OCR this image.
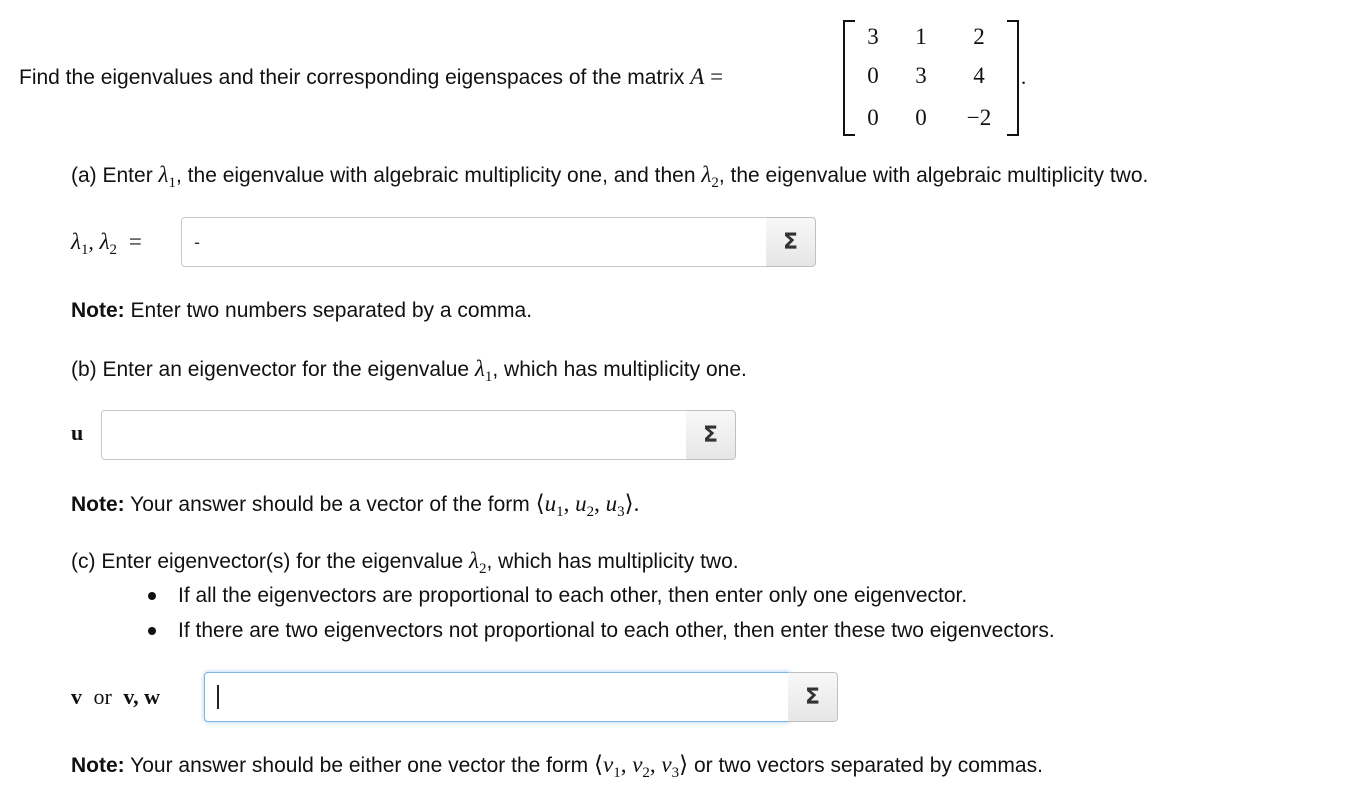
Find the eigenvalues and their corresponding eigenspaces of the matrix A =
3	1	2
0	3	4
0	0	−2
.
(a) Enter $\lambda_1$, the eigenvalue with algebraic multiplicity one, and then $\lambda_2$, the eigenvalue with algebraic multiplicity two.
$\lambda_1$, $\lambda_2$ =	-	Σ
Note: Enter two numbers separated by a comma.
(b) Enter an eigenvector for the eigenvalue $\lambda_1$, which has multiplicity one.
u	Σ
Note: Your answer should be a vector of the form $⟨u_1$, $u_2$, $u_3⟩$.
(c) Enter eigenvector(s) for the eigenvalue $\lambda_2$, which has multiplicity two.
If all the eigenvectors are proportional to each other, then enter only one eigenvector.
If there are two eigenvectors not proportional to each other, then enter these two eigenvectors.
v or v, w	Σ
Note: Your answer should be either one vector the form $⟨v_1$, $v_2$, $v_3⟩$ or two vectors separated by commas.
